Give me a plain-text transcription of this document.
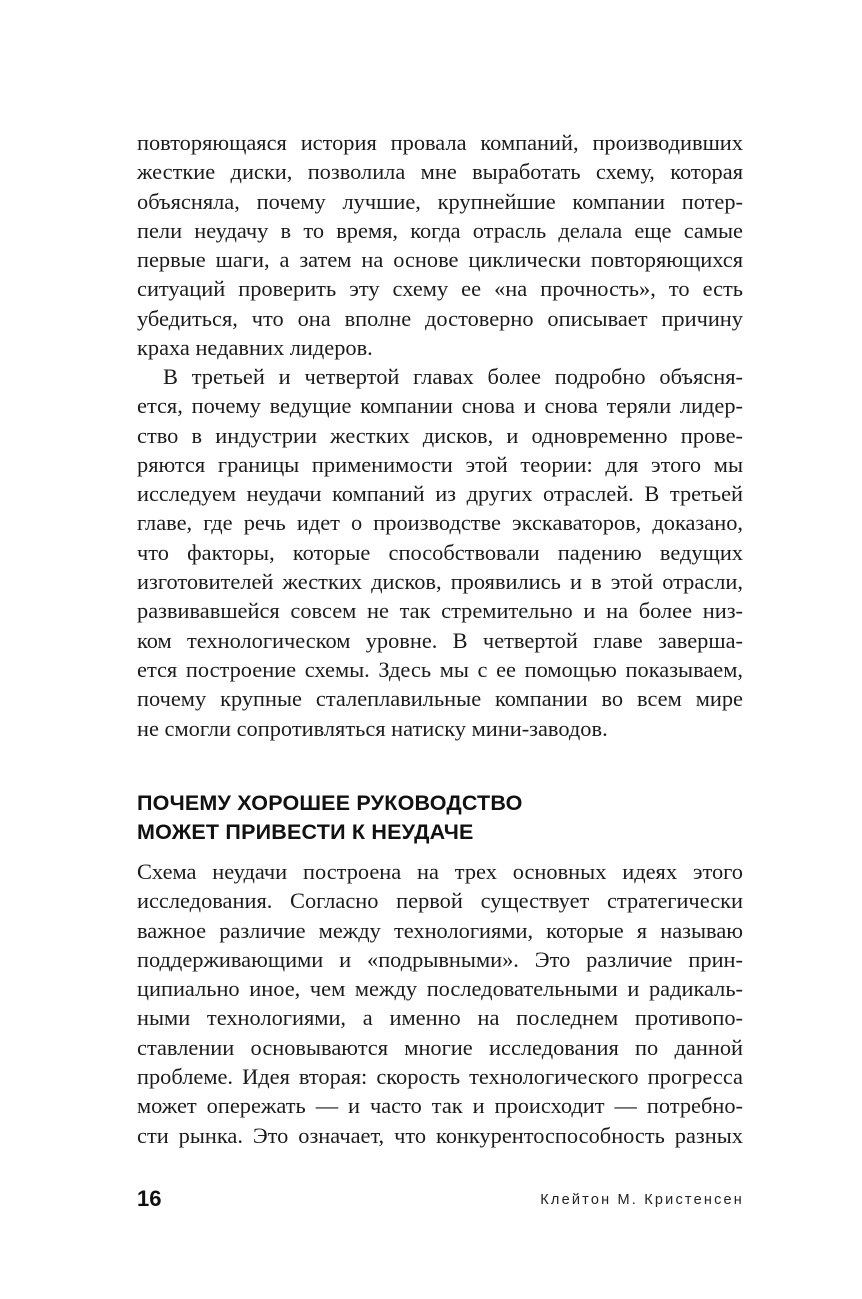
повторяющаяся история провала компаний, производивших
жесткие диски, позволила мне выработать схему, которая
объясняла, почему лучшие, крупнейшие компании потер-
пели неудачу в то время, когда отрасль делала еще самые
первые шаги, а затем на основе циклически повторяющихся
ситуаций проверить эту схему ее «на прочность», то есть
убедиться, что она вполне достоверно описывает причину
краха недавних лидеров.
В третьей и четвертой главах более подробно объясня-
ется, почему ведущие компании снова и снова теряли лидер-
ство в индустрии жестких дисков, и одновременно прове-
ряются границы применимости этой теории: для этого мы
исследуем неудачи компаний из других отраслей. В третьей
главе, где речь идет о производстве экскаваторов, доказано,
что факторы, которые способствовали падению ведущих
изготовителей жестких дисков, проявились и в этой отрасли,
развивавшейся совсем не так стремительно и на более низ-
ком технологическом уровне. В четвертой главе заверша-
ется построение схемы. Здесь мы с ее помощью показываем,
почему крупные сталеплавильные компании во всем мире
не смогли сопротивляться натиску мини-заводов.
ПОЧЕМУ ХОРОШЕЕ РУКОВОДСТВО
МОЖЕТ ПРИВЕСТИ К НЕУДАЧЕ
Схема неудачи построена на трех основных идеях этого
исследования. Согласно первой существует стратегически
важное различие между технологиями, которые я называю
поддерживающими и «подрывными». Это различие прин-
ципиально иное, чем между последовательными и радикаль-
ными технологиями, а именно на последнем противопо-
ставлении основываются многие исследования по данной
проблеме. Идея вторая: скорость технологического прогресса
может опережать — и часто так и происходит — потребно-
сти рынка. Это означает, что конкурентоспособность разных
16	Клейтон М. Кристенсен
